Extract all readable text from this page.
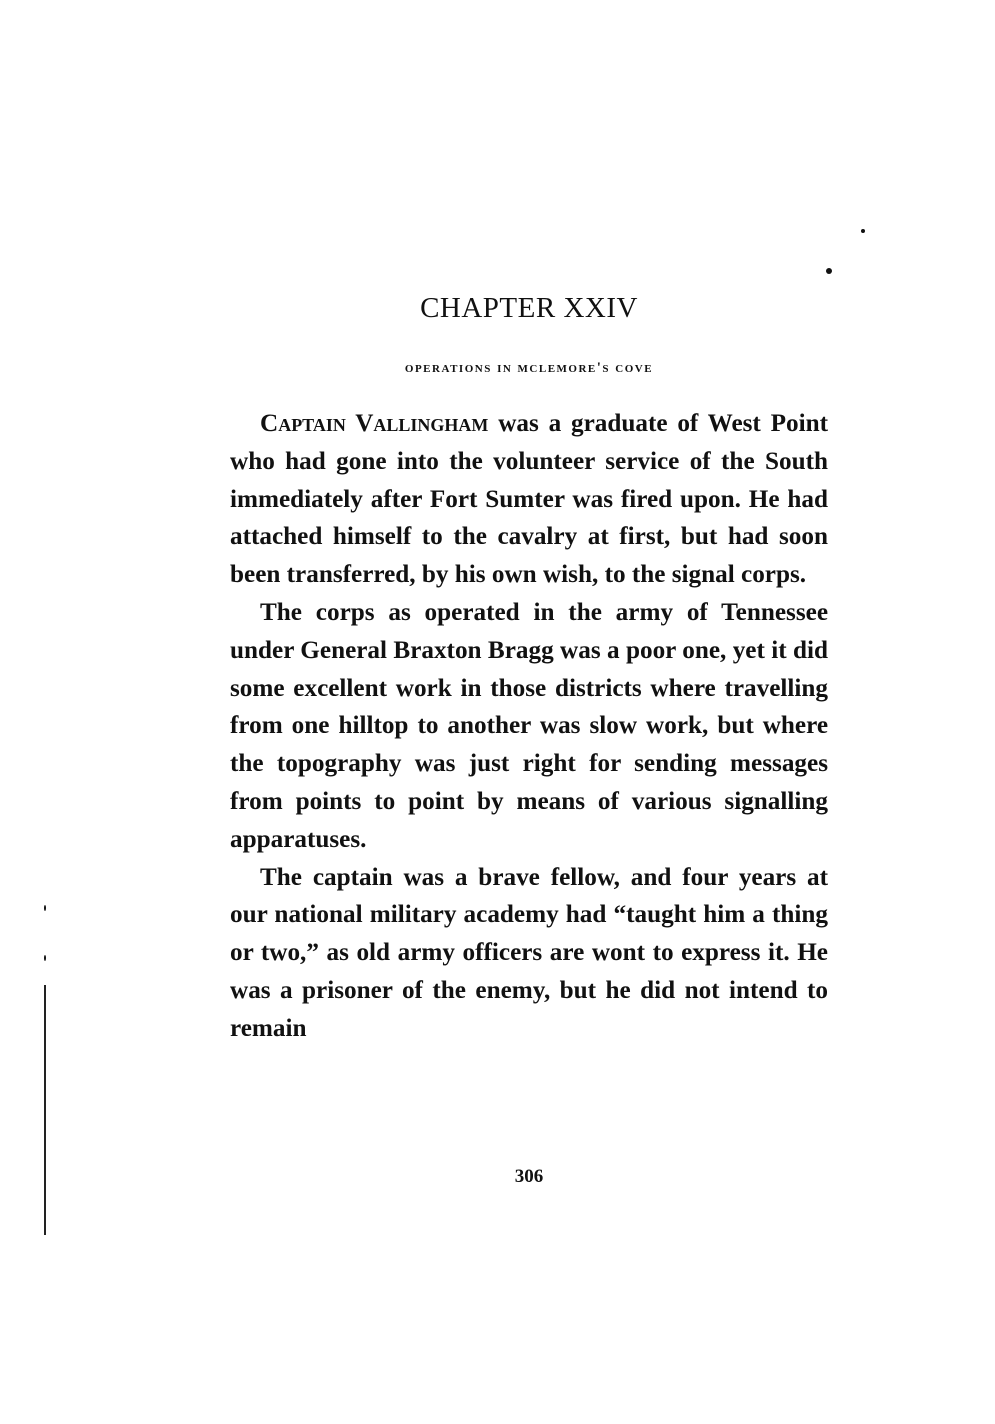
CHAPTER XXIV
operations in mclemore's cove

Captain Vallingham was a graduate of West Point who had gone into the volunteer service of the South immediately after Fort Sumter was fired upon. He had attached himself to the cavalry at first, but had soon been transferred, by his own wish, to the signal corps.

The corps as operated in the army of Tennessee under General Braxton Bragg was a poor one, yet it did some excellent work in those districts where travelling from one hilltop to another was slow work, but where the topography was just right for sending messages from points to point by means of various signalling apparatuses.

The captain was a brave fellow, and four years at our national military academy had “taught him a thing or two,” as old army officers are wont to express it. He was a prisoner of the enemy, but he did not intend to remain

306
